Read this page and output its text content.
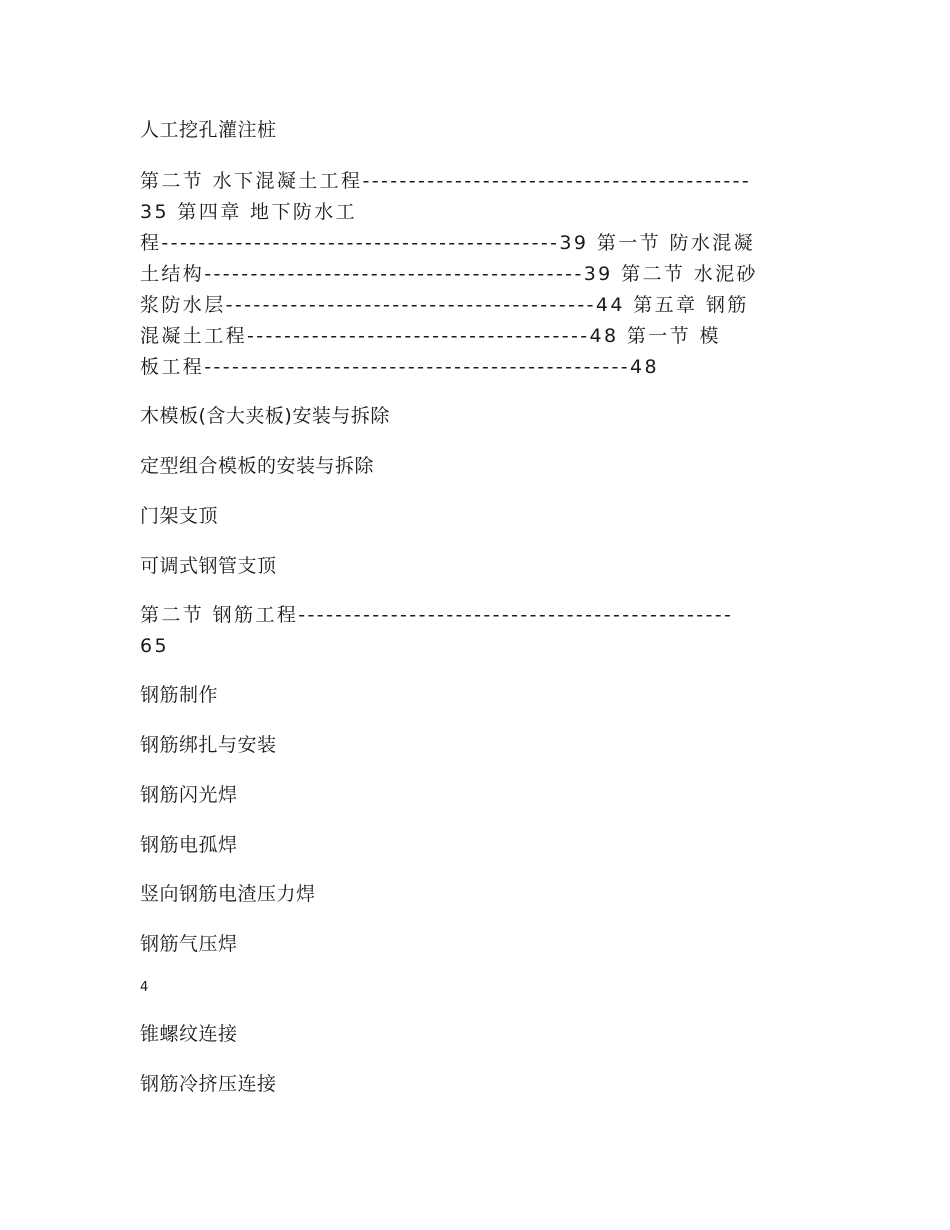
人工挖孔灌注桩
第二节 水下混凝土工程------------------------------------------
35 第四章 地下防水工
程-------------------------------------------39 第一节 防水混凝
土结构-----------------------------------------39 第二节 水泥砂
浆防水层----------------------------------------44 第五章 钢筋
混凝土工程-------------------------------------48 第一节 模
板工程----------------------------------------------48
木模板(含大夹板)安装与拆除
定型组合模板的安装与拆除
门架支顶
可调式钢管支顶
第二节 钢筋工程-----------------------------------------------
65
钢筋制作
钢筋绑扎与安装
钢筋闪光焊
钢筋电孤焊
竖向钢筋电渣压力焊
钢筋气压焊
4
锥螺纹连接
钢筋冷挤压连接
